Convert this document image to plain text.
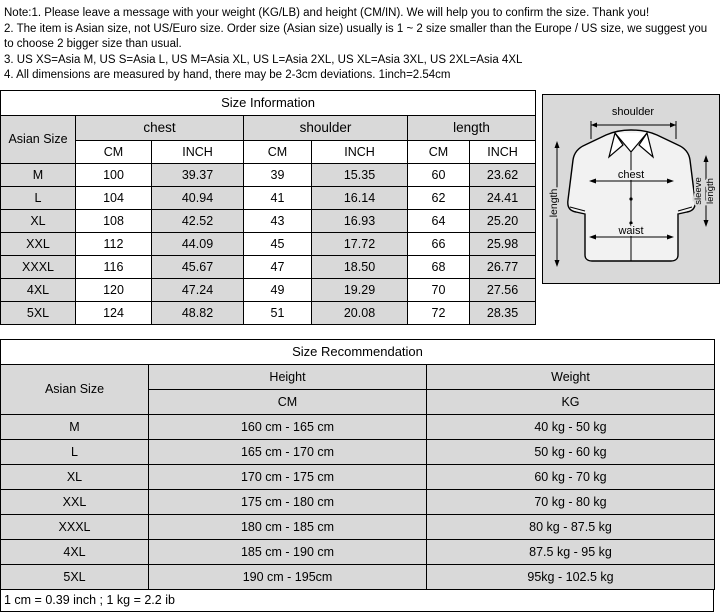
Note:1. Please leave a message with your weight (KG/LB) and height (CM/IN). We will help you to confirm the size. Thank you!
2. The item is Asian size, not US/Euro size. Order size (Asian size) usually is 1 ~ 2 size smaller than the Europe / US size, we suggest you to choose 2 bigger size than usual.
3. US XS=Asia M, US S=Asia L, US M=Asia XL, US L=Asia 2XL, US XL=Asia 3XL, US 2XL=Asia 4XL
4. All dimensions are measured by hand, there may be 2-3cm deviations. 1inch=2.54cm
Size Information						
Asian Size	chest		shoulder		length	
	CM	INCH	CM	INCH	CM	INCH
M	100	39.37	39	15.35	60	23.62
L	104	40.94	41	16.14	62	24.41
XL	108	42.52	43	16.93	64	25.20
XXL	112	44.09	45	17.72	66	25.98
XXXL	116	45.67	47	18.50	68	26.77
4XL	120	47.24	49	19.29	70	27.56
5XL	124	48.82	51	20.08	72	28.35
shoulder
chest
waist
length	sleeve length
Size Recommendation		
Asian Size	Height	Weight
	CM	KG
M	160 cm - 165 cm	40 kg - 50 kg
L	165 cm - 170 cm	50 kg - 60 kg
XL	170 cm - 175 cm	60 kg - 70 kg
XXL	175 cm - 180 cm	70 kg - 80 kg
XXXL	180 cm - 185 cm	80 kg - 87.5 kg
4XL	185 cm - 190 cm	87.5 kg - 95 kg
5XL	190 cm - 195cm	95kg - 102.5 kg
1 cm = 0.39 inch ; 1 kg = 2.2 ib
